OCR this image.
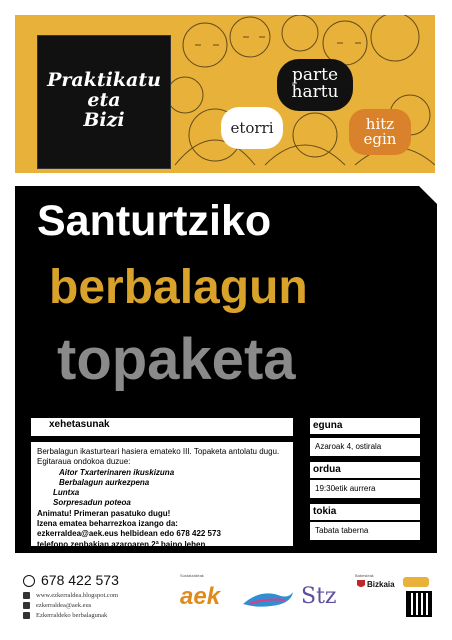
Praktikatu
eta
Bizi
parte
hartu
etorri	hitz
egin
Santurtziko
berbalagun
topaketa
xehetasunak
Berbalagun ikasturteari hasiera emateko III. Topaketa antolatu dugu. Egitaraua ondokoa duzue:
Aitor Txarterinaren ikuskizuna
Berbalagun aurkezpena
Luntxa
Sorpresadun poteoa
Animatu! Primeran pasatuko dugu!
Izena ematea beharrezkoa izango da:
ezkerraldea@aek.eus helbidean edo 678 422 573
telefono zenbakian azaroaren 2ª baino lehen
eguna
Azaroak 4, ostirala
ordua
19:30etik aurrera
tokia
Tabata taberna
678 422 573
www.ezkerraldea.blogspot.com
ezkerraldea@aek.eus
Ezkerraldeko berbalagunak
Sustatzaileak
aek	Stz
Babesleak
Bizkaia
